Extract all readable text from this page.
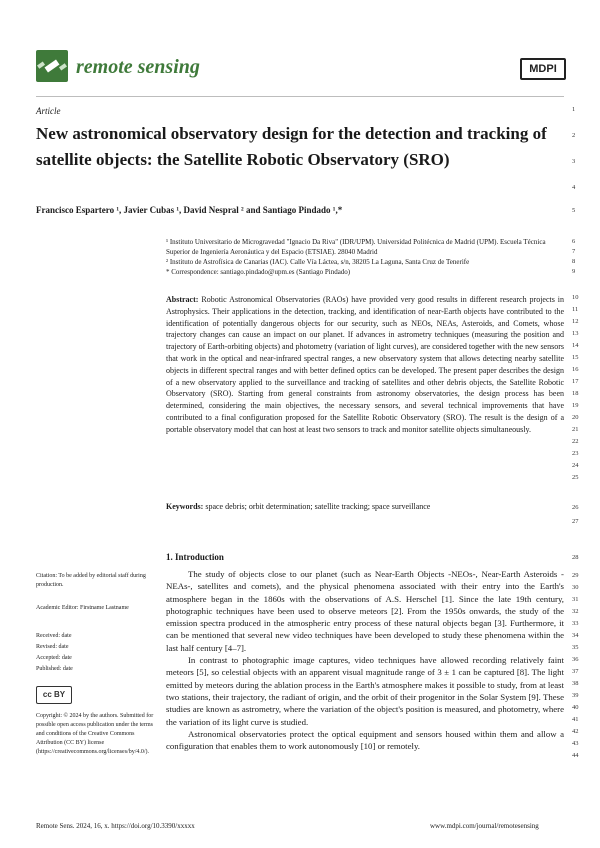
remote sensing	MDPI
Article
New astronomical observatory design for the detection and tracking of satellite objects: the Satellite Robotic Observatory (SRO)
Francisco Espartero ¹, Javier Cubas ¹, David Nespral ² and Santiago Pindado ¹,*
¹ Instituto Universitario de Microgravedad "Ignacio Da Riva" (IDR/UPM). Universidad Politécnica de Madrid (UPM). Escuela Técnica Superior de Ingeniería Aeronáutica y del Espacio (ETSIAE). 28040 Madrid
² Instituto de Astrofísica de Canarias (IAC). Calle Vía Láctea, s/n, 38205 La Laguna, Santa Cruz de Tenerife
* Correspondence: santiago.pindado@upm.es (Santiago Pindado)
Abstract: Robotic Astronomical Observatories (RAOs) have provided very good results in different research projects in Astrophysics. Their applications in the detection, tracking, and identification of near-Earth objects have contributed to the identification of potentially dangerous objects for our security, such as NEOs, NEAs, Asteroids, and Comets, whose trajectory changes can cause an impact on our planet. If advances in astrometry techniques (measuring the position and trajectory of Earth-orbiting objects) and photometry (variation of light curves), are considered together with the new sensors that work in the optical and near-infrared spectral ranges, a new observatory system that allows detecting nearby satellite objects in different spectral ranges and with better defined optics can be developed. The present paper describes the design of a new observatory applied to the surveillance and tracking of satellites and other debris objects, the Satellite Robotic Observatory (SRO). Starting from general constraints from astronomy observatories, the design process has been determined, considering the main objectives, the necessary sensors, and several technical improvements that have contributed to a final configuration proposed for the Satellite Robotic Observatory (SRO). The result is the design of a portable observatory model that can host at least two sensors to track and monitor satellite objects simultaneously.
Keywords: space debris; orbit determination; satellite tracking; space surveillance
1. Introduction

The study of objects close to our planet (such as Near-Earth Objects -NEOs-, Near-Earth Asteroids -NEAs-, satellites and comets), and the physical phenomena associated with their entry into the Earth's atmosphere began in the 1860s with the observations of A.S. Herschel [1]. Since the late 19th century, photographic techniques have been used to observe meteors [2]. From the 1950s onwards, the study of the emission spectra produced in the atmospheric entry process of these natural objects began [3]. Furthermore, it can be mentioned that several new video techniques have been developed to study these phenomena within the last half century [4–7].

In contrast to photographic image captures, video techniques have allowed recording relatively faint meteors [5], so celestial objects with an apparent visual magnitude range of 3 ± 1 can be captured [8]. The light emitted by meteors during the ablation process in the Earth's atmosphere makes it possible to study, from at least two stations, their trajectory, the radiant of origin, and the orbit of their progenitor in the Solar System [9]. These studies are known as astrometry, where the variation of the object's position is measured, and photometry, where the variation of its light curve is studied.

Astronomical observatories protect the optical equipment and sensors housed within them and allow a configuration that enables them to work autonomously [10] or remotely.

Citation: To be added by editorial staff during production.
Academic Editor: Firstname Lastname
Received: date
Revised: date
Accepted: date
Published: date
cc BY
Copyright: © 2024 by the authors. Submitted for possible open access publication under the terms and conditions of the Creative Commons Attribution (CC BY) license (https://creativecommons.org/licenses/by/4.0/).
1
2
3
4
5
6
7
8
9
10
11
12
13
14
15
16
17
18
19
20
21
22
23
24
25
26
27
28
29
30
31
32
33
34
35
36
37
38
39
40
41
42
43
44
Remote Sens. 2024, 16, x. https://doi.org/10.3390/xxxxx	www.mdpi.com/journal/remotesensing
